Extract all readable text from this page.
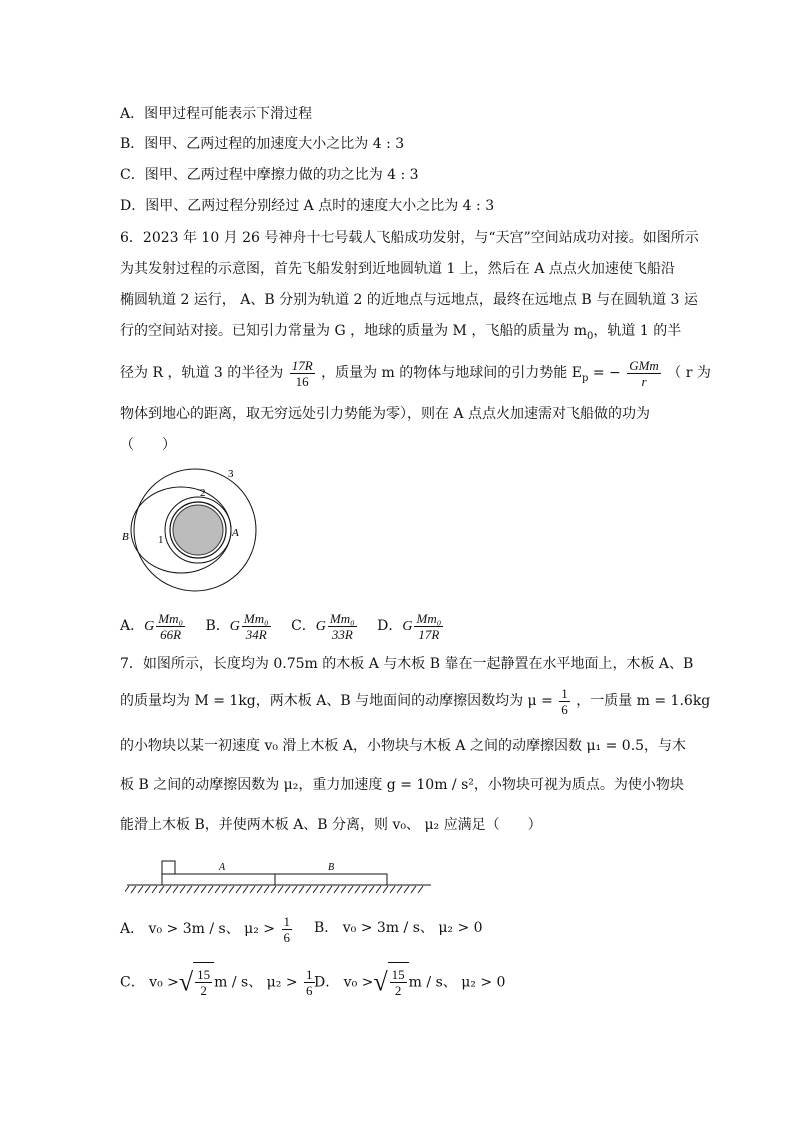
A．图甲过程可能表示下滑过程
B．图甲、乙两过程的加速度大小之比为 4 : 3
C．图甲、乙两过程中摩擦力做的功之比为 4 : 3
D．图甲、乙两过程分别经过 A 点时的速度大小之比为 4 : 3
6．2023 年 10 月 26 号神舟十七号载人飞船成功发射，与“天宫”空间站成功对接。如图所示
为其发射过程的示意图，首先飞船发射到近地圆轨道 1 上，然后在 A 点点火加速使飞船沿
椭圆轨道 2 运行， A、B 分别为轨道 2 的近地点与远地点，最终在远地点 B 与在圆轨道 3 运
行的空间站对接。已知引力常量为 G ，地球的质量为 M ，飞船的质量为 $m_0$，轨道 1 的半
径为 R ，轨道 3 的半径为 $\frac{17R}{16}$ ，质量为 m 的物体与地球间的引力势能 $E_p$ = − $\frac{\text{GMm}}{r}$ （ r 为
物体到地心的距离，取无穷远处引力势能为零），则在 A 点点火加速需对飞船做的功为
（　　）
3
2
1
A
B
A．G $\frac{\text{Mm₀}}{66R}$ B．G $\frac{\text{Mm₀}}{34R}$ C．G $\frac{\text{Mm₀}}{33R}$ D．G $\frac{\text{Mm₀}}{17R}$
7．如图所示，长度均为 0.75m 的木板 A 与木板 B 靠在一起静置在水平地面上，木板 A、B
的质量均为 M = 1kg，两木板 A、B 与地面间的动摩擦因数均为 $\mu = \frac{1}{6}$ ，一质量 m = 1.6kg
的小物块以某一初速度 v₀ 滑上木板 A，小物块与木板 A 之间的动摩擦因数 μ₁ = 0.5，与木
板 B 之间的动摩擦因数为 μ₂，重力加速度 g = 10m / s²，小物块可视为质点。为使小物块
能滑上木板 B，并使两木板 A、B 分离，则 v₀、 μ₂ 应满足（　　）
A	B
A． v₀ > 3m / s、 $\mu_2 > \frac{1}{6}$ B． v₀ > 3m / s、 μ₂ > 0
C． v₀ >√ $\frac{15}{2}$ m / s、 $\mu_2 > \frac{1}{6}$ D． v₀ >√ $\frac{15}{2}$ m / s、 μ₂ > 0
